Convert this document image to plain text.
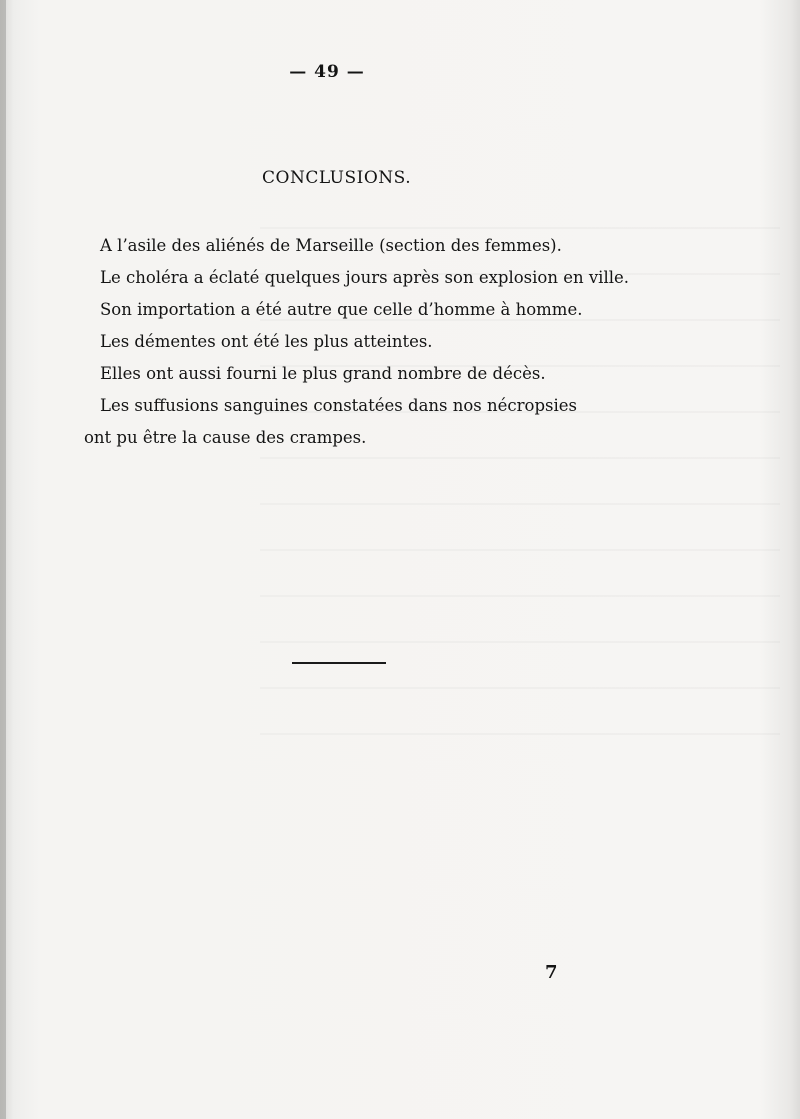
— 49 —
CONCLUSIONS.

A l’asile des aliénés de Marseille (section des femmes).

Le choléra a éclaté quelques jours après son explosion en ville.

Son importation a été autre que celle d’homme à homme.

Les démentes ont été les plus atteintes.

Elles ont aussi fourni le plus grand nombre de décès.

Les suffusions sanguines constatées dans nos nécropsies ont pu être la cause des crampes.

7
